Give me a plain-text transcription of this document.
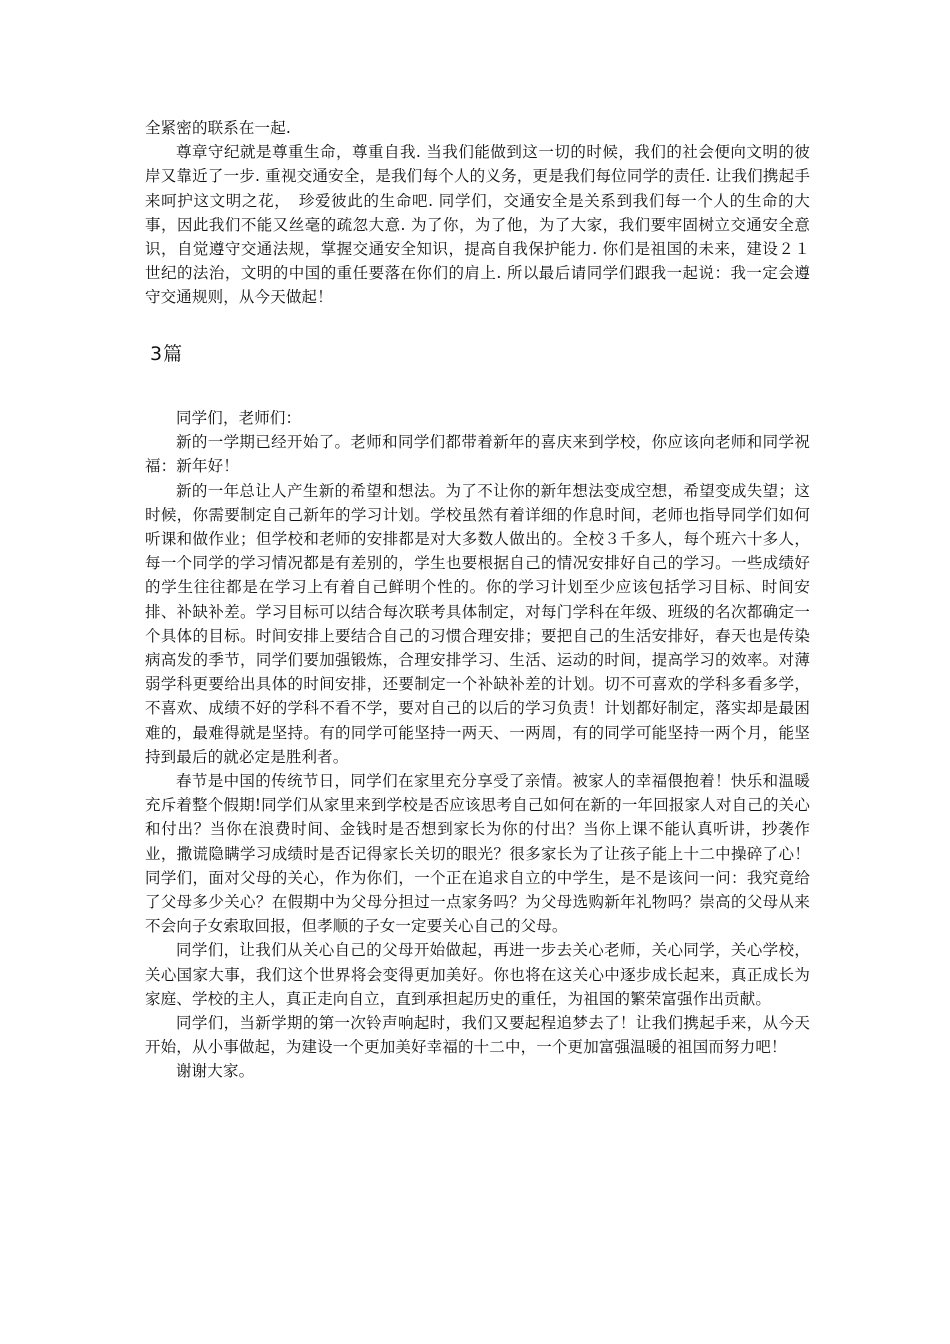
全紧密的联系在一起.

尊章守纪就是尊重生命，尊重自我. 当我们能做到这一切的时候，我们的社会便向文明的彼岸又靠近了一步. 重视交通安全，是我们每个人的义务，更是我们每位同学的责任. 让我们携起手来呵护这文明之花，　珍爱彼此的生命吧. 同学们，交通安全是关系到我们每一个人的生命的大事，因此我们不能又丝毫的疏忽大意. 为了你，为了他，为了大家，我们要牢固树立交通安全意识，自觉遵守交通法规，掌握交通安全知识，提高自我保护能力. 你们是祖国的未来，建设２１世纪的法治，文明的中国的重任要落在你们的肩上. 所以最后请同学们跟我一起说：我一定会遵守交通规则，从今天做起！

3篇

同学们，老师们：

新的一学期已经开始了。老师和同学们都带着新年的喜庆来到学校，你应该向老师和同学祝福：新年好！

新的一年总让人产生新的希望和想法。为了不让你的新年想法变成空想，希望变成失望；这时候，你需要制定自己新年的学习计划。学校虽然有着详细的作息时间，老师也指导同学们如何听课和做作业；但学校和老师的安排都是对大多数人做出的。全校３千多人，每个班六十多人，每一个同学的学习情况都是有差别的，学生也要根据自己的情况安排好自己的学习。一些成绩好的学生往往都是在学习上有着自己鲜明个性的。你的学习计划至少应该包括学习目标、时间安排、补缺补差。学习目标可以结合每次联考具体制定，对每门学科在年级、班级的名次都确定一个具体的目标。时间安排上要结合自己的习惯合理安排；要把自己的生活安排好，春天也是传染病高发的季节，同学们要加强锻炼，合理安排学习、生活、运动的时间，提高学习的效率。对薄弱学科更要给出具体的时间安排，还要制定一个补缺补差的计划。切不可喜欢的学科多看多学，不喜欢、成绩不好的学科不看不学，要对自己的以后的学习负责！计划都好制定，落实却是最困难的，最难得就是坚持。有的同学可能坚持一两天、一两周，有的同学可能坚持一两个月，能坚持到最后的就必定是胜利者。

春节是中国的传统节日，同学们在家里充分享受了亲情。被家人的幸福偎抱着！快乐和温暖充斥着整个假期!同学们从家里来到学校是否应该思考自己如何在新的一年回报家人对自己的关心和付出？当你在浪费时间、金钱时是否想到家长为你的付出？当你上课不能认真听讲，抄袭作业，撒谎隐瞒学习成绩时是否记得家长关切的眼光？很多家长为了让孩子能上十二中操碎了心！同学们，面对父母的关心，作为你们，一个正在追求自立的中学生，是不是该问一问：我究竟给了父母多少关心？在假期中为父母分担过一点家务吗？为父母选购新年礼物吗？崇高的父母从来不会向子女索取回报，但孝顺的子女一定要关心自己的父母。

同学们，让我们从关心自己的父母开始做起，再进一步去关心老师，关心同学，关心学校，关心国家大事，我们这个世界将会变得更加美好。你也将在这关心中逐步成长起来，真正成长为家庭、学校的主人，真正走向自立，直到承担起历史的重任，为祖国的繁荣富强作出贡献。

同学们，当新学期的第一次铃声响起时，我们又要起程追梦去了！让我们携起手来，从今天开始，从小事做起，为建设一个更加美好幸福的十二中，一个更加富强温暖的祖国而努力吧！

谢谢大家。
